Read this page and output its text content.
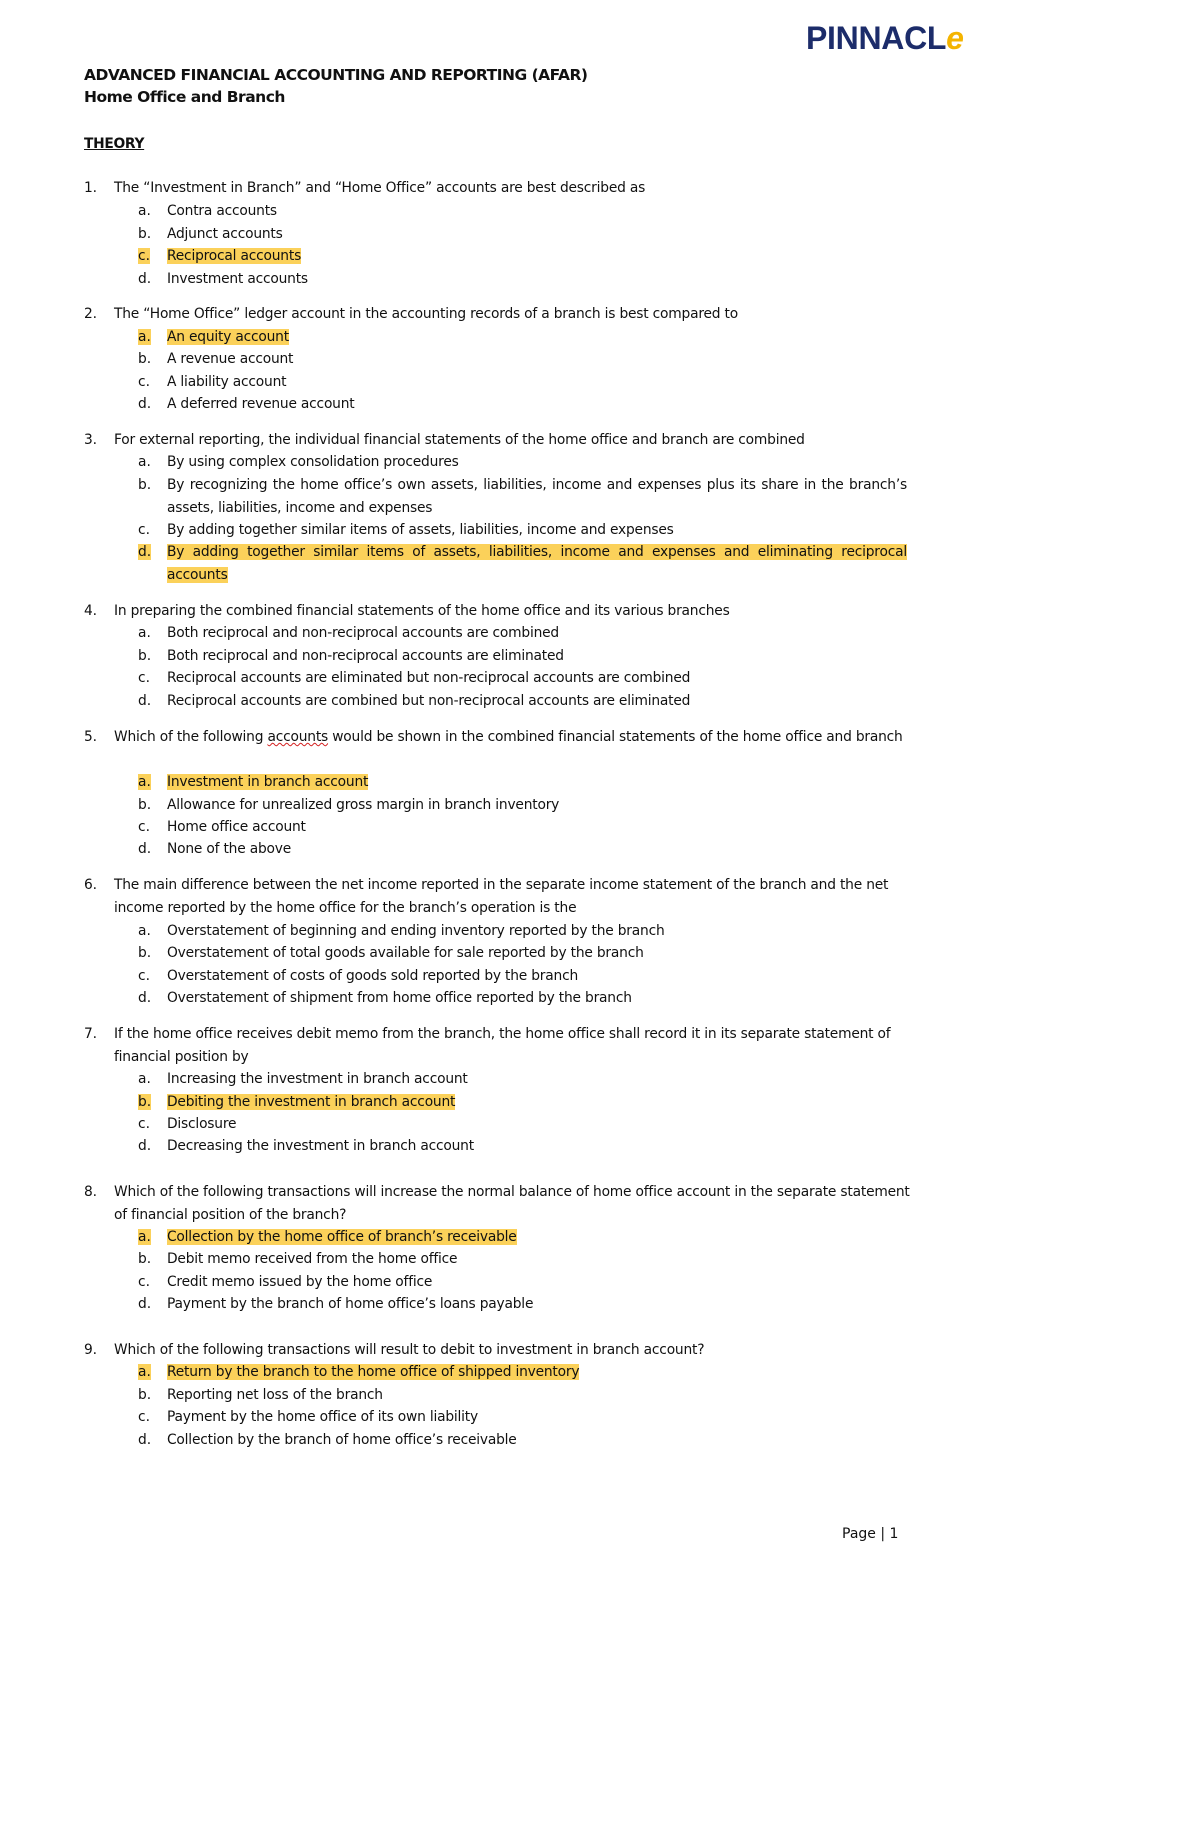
PINNACLe
ADVANCED FINANCIAL ACCOUNTING AND REPORTING (AFAR)
Home Office and Branch
THEORY
1. The “Investment in Branch” and “Home Office” accounts are best described as
a. Contra accounts
b. Adjunct accounts
c. Reciprocal accounts
d. Investment accounts
2. The “Home Office” ledger account in the accounting records of a branch is best compared to
a. An equity account
b. A revenue account
c. A liability account
d. A deferred revenue account
3. For external reporting, the individual financial statements of the home office and branch are combined
a. By using complex consolidation procedures
b. By recognizing the home office’s own assets, liabilities, income and expenses plus its share in the branch’s assets, liabilities, income and expenses
c. By adding together similar items of assets, liabilities, income and expenses
d. By adding together similar items of assets, liabilities, income and expenses and eliminating reciprocal accounts
4. In preparing the combined financial statements of the home office and its various branches
a. Both reciprocal and non-reciprocal accounts are combined
b. Both reciprocal and non-reciprocal accounts are eliminated
c. Reciprocal accounts are eliminated but non-reciprocal accounts are combined
d. Reciprocal accounts are combined but non-reciprocal accounts are eliminated
5. Which of the following accounts would be shown in the combined financial statements of the home office and branch
a. Investment in branch account
b. Allowance for unrealized gross margin in branch inventory
c. Home office account
d. None of the above
6. The main difference between the net income reported in the separate income statement of the branch and the net income reported by the home office for the branch’s operation is the
a. Overstatement of beginning and ending inventory reported by the branch
b. Overstatement of total goods available for sale reported by the branch
c. Overstatement of costs of goods sold reported by the branch
d. Overstatement of shipment from home office reported by the branch
7. If the home office receives debit memo from the branch, the home office shall record it in its separate statement of financial position by
a. Increasing the investment in branch account
b. Debiting the investment in branch account
c. Disclosure
d. Decreasing the investment in branch account
8. Which of the following transactions will increase the normal balance of home office account in the separate statement of financial position of the branch?
a. Collection by the home office of branch’s receivable
b. Debit memo received from the home office
c. Credit memo issued by the home office
d. Payment by the branch of home office’s loans payable
9. Which of the following transactions will result to debit to investment in branch account?
a. Return by the branch to the home office of shipped inventory
b. Reporting net loss of the branch
c. Payment by the home office of its own liability
d. Collection by the branch of home office’s receivable
Page | 1
